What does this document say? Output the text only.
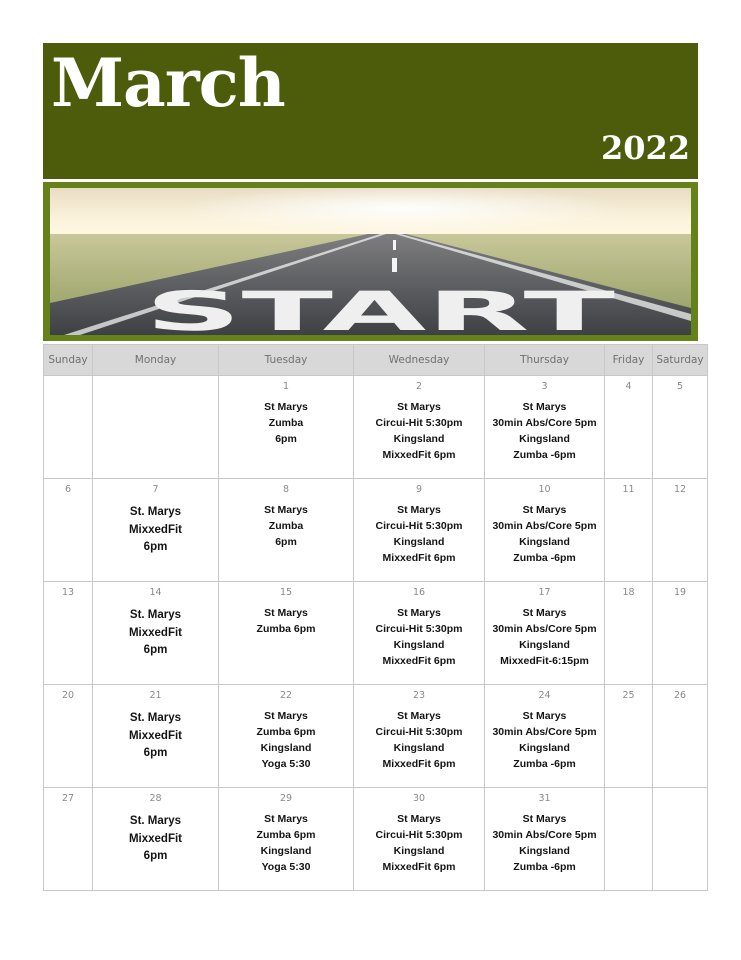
March
2022
START
Sunday	Monday	Tuesday	Wednesday	Thursday	Friday	Saturday

		1
St Marys
Zumba
6pm	2
St Marys
Circui-Hit 5:30pm
Kingsland
MixxedFit 6pm	3
St Marys
30min Abs/Core 5pm
Kingsland
Zumba -6pm	4	5

6	7
St. Marys
MixxedFit
6pm	8
St Marys
Zumba
6pm	9
St Marys
Circui-Hit 5:30pm
Kingsland
MixxedFit 6pm	10
St Marys
30min Abs/Core 5pm
Kingsland
Zumba -6pm	11	12

13	14
St. Marys
MixxedFit
6pm	15
St Marys
Zumba 6pm	16
St Marys
Circui-Hit 5:30pm
Kingsland
MixxedFit 6pm	17
St Marys
30min Abs/Core 5pm
Kingsland
MixxedFit-6:15pm	18	19

20	21
St. Marys
MixxedFit
6pm	22
St Marys
Zumba 6pm
Kingsland
Yoga 5:30	23
St Marys
Circui-Hit 5:30pm
Kingsland
MixxedFit 6pm	24
St Marys
30min Abs/Core 5pm
Kingsland
Zumba -6pm	25	26

27	28
St. Marys
MixxedFit
6pm	29
St Marys
Zumba 6pm
Kingsland
Yoga 5:30	30
St Marys
Circui-Hit 5:30pm
Kingsland
MixxedFit 6pm	31
St Marys
30min Abs/Core 5pm
Kingsland
Zumba -6pm		
